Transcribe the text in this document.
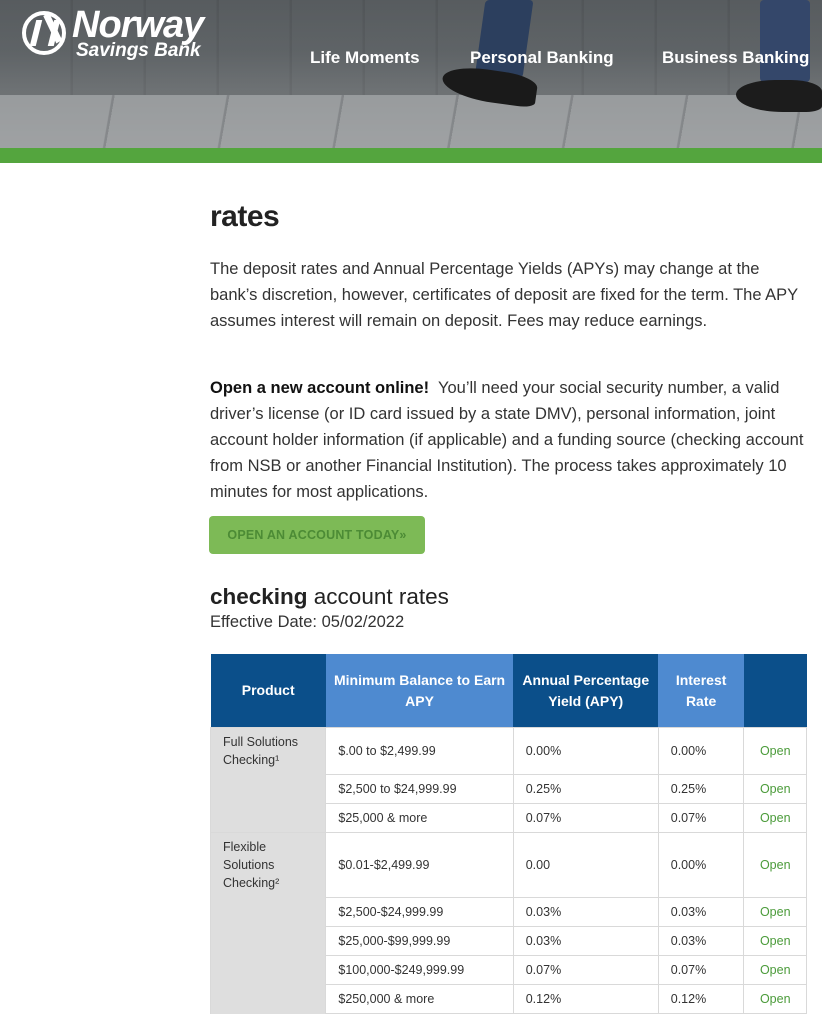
Norway
Savings Bank	Life Moments	Personal Banking	Business Banking
rates

The deposit rates and Annual Percentage Yields (APYs) may change at the bank’s discretion, however, certificates of deposit are fixed for the term. The APY assumes interest will remain on deposit. Fees may reduce earnings.

Open a new account online! You’ll need your social security number, a valid driver’s license (or ID card issued by a state DMV), personal information, joint account holder information (if applicable) and a funding source (checking account from NSB or another Financial Institution). The process takes approximately 10 minutes for most applications.

OPEN AN ACCOUNT TODAY»
checking account rates
Effective Date: 05/02/2022
Product	Minimum Balance to Earn APY	Annual Percentage Yield (APY)	Interest Rate	
Full Solutions Checking¹	$.00 to $2,499.99	0.00%	0.00%	Open
	$2,500 to $24,999.99	0.25%	0.25%	Open
	$25,000 & more	0.07%	0.07%	Open
Flexible Solutions Checking²	$0.01-$2,499.99	0.00	0.00%	Open
	$2,500-$24,999.99	0.03%	0.03%	Open
	$25,000-$99,999.99	0.03%	0.03%	Open
	$100,000-$249,999.99	0.07%	0.07%	Open
	$250,000 & more	0.12%	0.12%	Open
